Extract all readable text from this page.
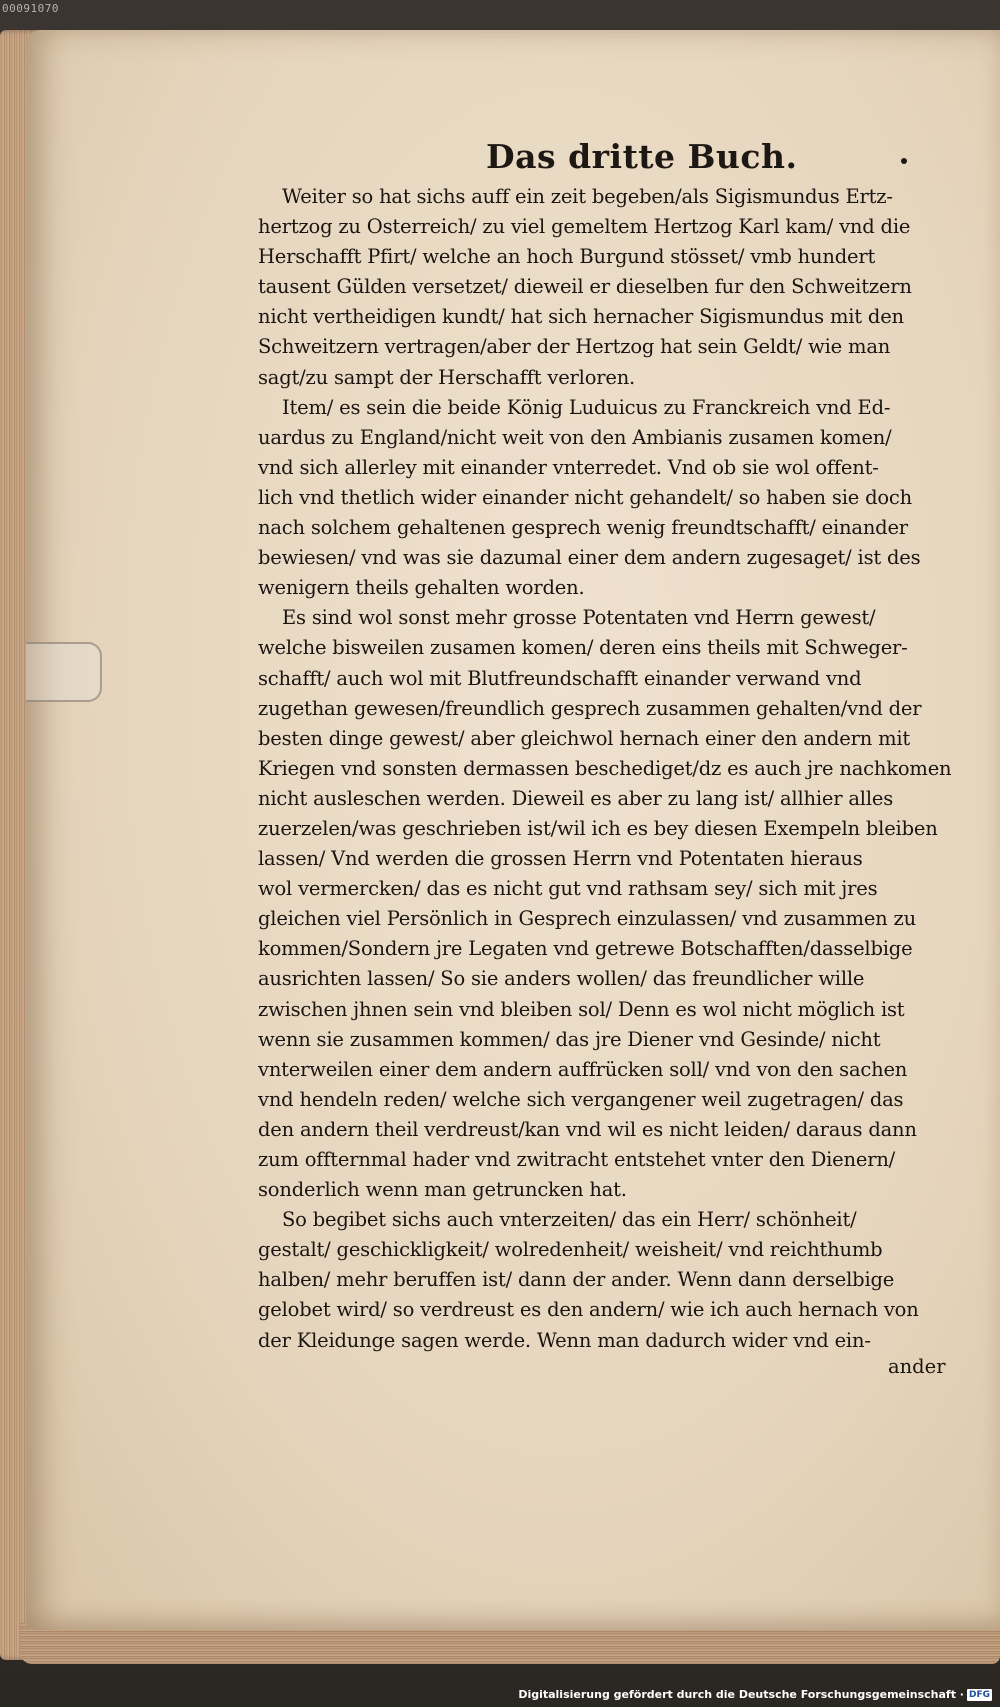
00091070
Das dritte Buch.
Weiter so hat sichs auff ein zeit begeben/als Sigismundus Ertz-
hertzog zu Osterreich/ zu viel gemeltem Hertzog Karl kam/ vnd die
Herschafft Pfirt/ welche an hoch Burgund stösset/ vmb hundert
tausent Gülden versetzet/ dieweil er dieselben fur den Schweitzern
nicht vertheidigen kundt/ hat sich hernacher Sigismundus mit den
Schweitzern vertragen/aber der Hertzog hat sein Geldt/ wie man
sagt/zu sampt der Herschafft verloren.
Item/ es sein die beide König Luduicus zu Franckreich vnd Ed-
uardus zu England/nicht weit von den Ambianis zusamen komen/
vnd sich allerley mit einander vnterredet. Vnd ob sie wol offent-
lich vnd thetlich wider einander nicht gehandelt/ so haben sie doch
nach solchem gehaltenen gesprech wenig freundtschafft/ einander
bewiesen/ vnd was sie dazumal einer dem andern zugesaget/ ist des
wenigern theils gehalten worden.
Es sind wol sonst mehr grosse Potentaten vnd Herrn gewest/
welche bisweilen zusamen komen/ deren eins theils mit Schweger-
schafft/ auch wol mit Blutfreundschafft einander verwand vnd
zugethan gewesen/freundlich gesprech zusammen gehalten/vnd der
besten dinge gewest/ aber gleichwol hernach einer den andern mit
Kriegen vnd sonsten dermassen beschediget/dz es auch jre nachkomen
nicht ausleschen werden. Dieweil es aber zu lang ist/ allhier alles
zuerzelen/was geschrieben ist/wil ich es bey diesen Exempeln bleiben
lassen/ Vnd werden die grossen Herrn vnd Potentaten hieraus
wol vermercken/ das es nicht gut vnd rathsam sey/ sich mit jres
gleichen viel Persönlich in Gesprech einzulassen/ vnd zusammen zu
kommen/Sondern jre Legaten vnd getrewe Botschafften/dasselbige
ausrichten lassen/ So sie anders wollen/ das freundlicher wille
zwischen jhnen sein vnd bleiben sol/ Denn es wol nicht möglich ist
wenn sie zusammen kommen/ das jre Diener vnd Gesinde/ nicht
vnterweilen einer dem andern auffrücken soll/ vnd von den sachen
vnd hendeln reden/ welche sich vergangener weil zugetragen/ das
den andern theil verdreust/kan vnd wil es nicht leiden/ daraus dann
zum offternmal hader vnd zwitracht entstehet vnter den Dienern/
sonderlich wenn man getruncken hat.
So begibet sichs auch vnterzeiten/ das ein Herr/ schönheit/
gestalt/ geschickligkeit/ wolredenheit/ weisheit/ vnd reichthumb
halben/ mehr beruffen ist/ dann der ander. Wenn dann derselbige
gelobet wird/ so verdreust es den andern/ wie ich auch hernach von
der Kleidunge sagen werde. Wenn man dadurch wider vnd ein-
ander
Digitalisierung gefördert durch die Deutsche Forschungsgemeinschaft · DFG
